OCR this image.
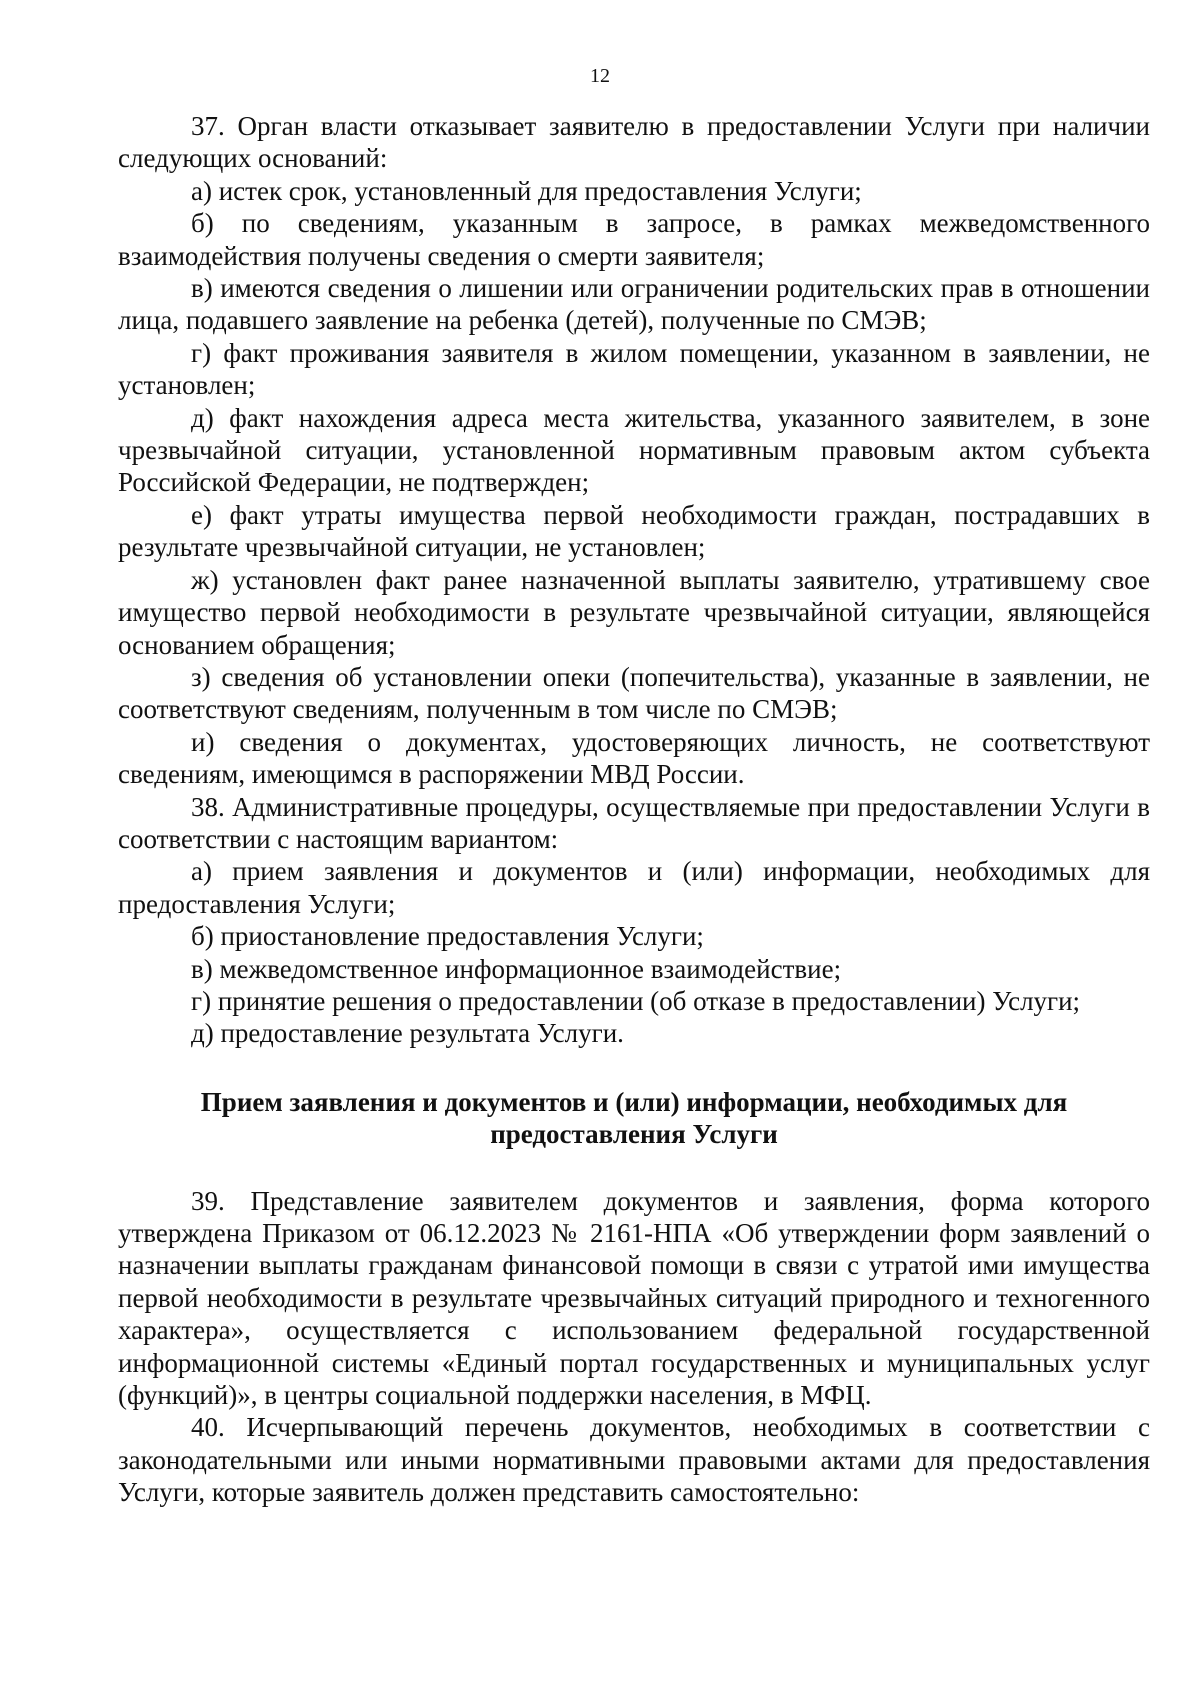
12

37. Орган власти отказывает заявителю в предоставлении Услуги при наличии следующих оснований:

а) истек срок, установленный для предоставления Услуги;

б) по сведениям, указанным в запросе, в рамках межведомственного взаимодействия получены сведения о смерти заявителя;

в) имеются сведения о лишении или ограничении родительских прав в отношении лица, подавшего заявление на ребенка (детей), полученные по СМЭВ;

г) факт проживания заявителя в жилом помещении, указанном в заявлении, не установлен;

д) факт нахождения адреса места жительства, указанного заявителем, в зоне чрезвычайной ситуации, установленной нормативным правовым актом субъекта Российской Федерации, не подтвержден;

е) факт утраты имущества первой необходимости граждан, пострадавших в результате чрезвычайной ситуации, не установлен;

ж) установлен факт ранее назначенной выплаты заявителю, утратившему свое имущество первой необходимости в результате чрезвычайной ситуации, являющейся основанием обращения;

з) сведения об установлении опеки (попечительства), указанные в заявлении, не соответствуют сведениям, полученным в том числе по СМЭВ;

и) сведения о документах, удостоверяющих личность, не соответствуют сведениям, имеющимся в распоряжении МВД России.

38. Административные процедуры, осуществляемые при предоставлении Услуги в соответствии с настоящим вариантом:

а) прием заявления и документов и (или) информации, необходимых для предоставления Услуги;

б) приостановление предоставления Услуги;

в) межведомственное информационное взаимодействие;

г) принятие решения о предоставлении (об отказе в предоставлении) Услуги;

д) предоставление результата Услуги.

Прием заявления и документов и (или) информации, необходимых для
предоставления Услуги

39. Представление заявителем документов и заявления, форма которого утверждена Приказом от 06.12.2023 № 2161-НПА «Об утверждении форм заявлений о назначении выплаты гражданам финансовой помощи в связи с утратой ими имущества первой необходимости в результате чрезвычайных ситуаций природного и техногенного характера», осуществляется с использованием федеральной государственной информационной системы «Единый портал государственных и муниципальных услуг (функций)», в центры социальной поддержки населения, в МФЦ.

40. Исчерпывающий перечень документов, необходимых в соответствии с законодательными или иными нормативными правовыми актами для предоставления Услуги, которые заявитель должен представить самостоятельно:
